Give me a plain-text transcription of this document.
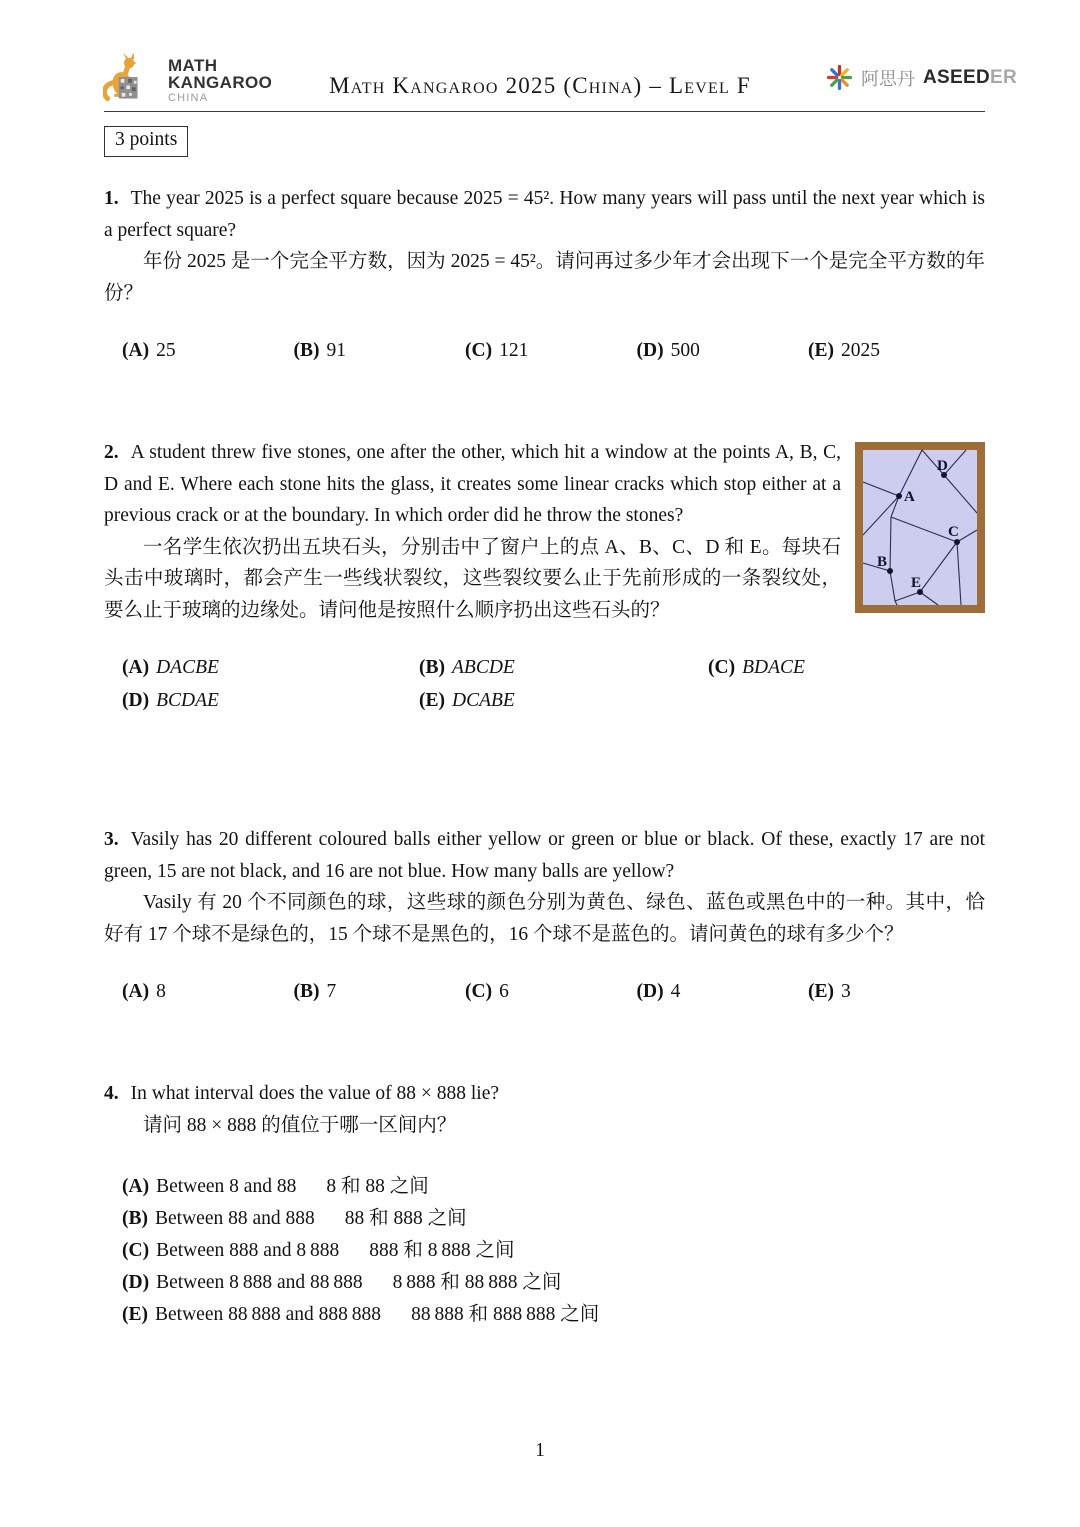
MATH
KANGAROO
CHINA	Math Kangaroo 2025 (China) – Level F	阿思丹 ASEEDER
3 points

1. The year 2025 is a perfect square because 2025 = 45². How many years will pass until the next year which is a perfect square?

年份 2025 是一个完全平方数，因为 2025 = 45²。请问再过多少年才会出现下一个是完全平方数的年份？

(A) 25	(B) 91	(C) 121	(D) 500	(E) 2025
A
B
C
D
E

2. A student threw five stones, one after the other, which hit a window at the points A, B, C, D and E. Where each stone hits the glass, it creates some linear cracks which stop either at a previous crack or at the boundary. In which order did he throw the stones?

一名学生依次扔出五块石头，分别击中了窗户上的点 A、B、C、D 和 E。每块石头击中玻璃时，都会产生一些线状裂纹，这些裂纹要么止于先前形成的一条裂纹处，要么止于玻璃的边缘处。请问他是按照什么顺序扔出这些石头的？

(A) DACBE	(B) ABCDE	(C) BDACE
(D) BCDAE	(E) DCABE

3. Vasily has 20 different coloured balls either yellow or green or blue or black. Of these, exactly 17 are not green, 15 are not black, and 16 are not blue. How many balls are yellow?

Vasily 有 20 个不同颜色的球，这些球的颜色分别为黄色、绿色、蓝色或黑色中的一种。其中，恰好有 17 个球不是绿色的，15 个球不是黑色的，16 个球不是蓝色的。请问黄色的球有多少个？

(A) 8	(B) 7	(C) 6	(D) 4	(E) 3

4. In what interval does the value of 88 × 888 lie?

请问 88 × 888 的值位于哪一区间内？

(A) Between 8 and 88 8 和 88 之间
(B) Between 88 and 888 88 和 888 之间
(C) Between 888 and 8 888 888 和 8 888 之间
(D) Between 8 888 and 88 888 8 888 和 88 888 之间
(E) Between 88 888 and 888 888 88 888 和 888 888 之间
1
